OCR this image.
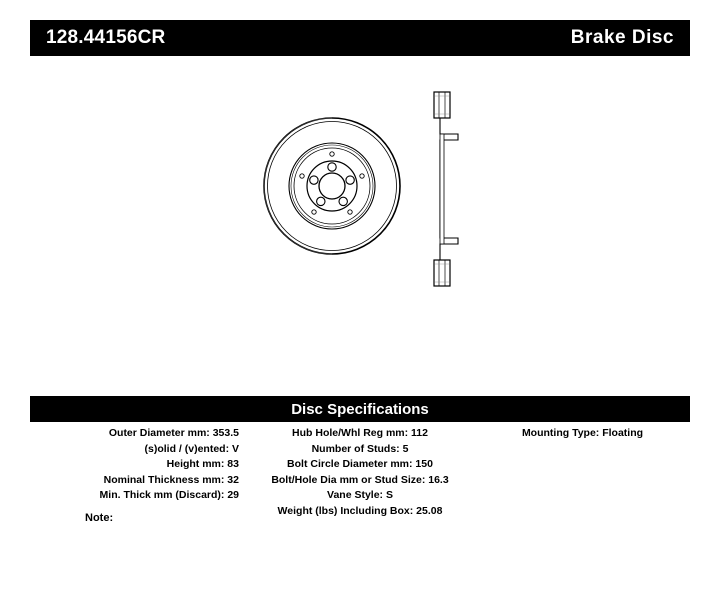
128.44156CR	Brake Disc
Disc Specifications
Outer Diameter mm: 353.5
(s)olid / (v)ented: V
Height mm: 83
Nominal Thickness mm: 32
Min. Thick mm (Discard): 29
Hub Hole/Whl Reg mm: 112
Number of Studs: 5
Bolt Circle Diameter mm: 150
Bolt/Hole Dia mm or Stud Size: 16.3
Vane Style: S
Weight (lbs) Including Box: 25.08
Mounting Type: Floating
Note:
